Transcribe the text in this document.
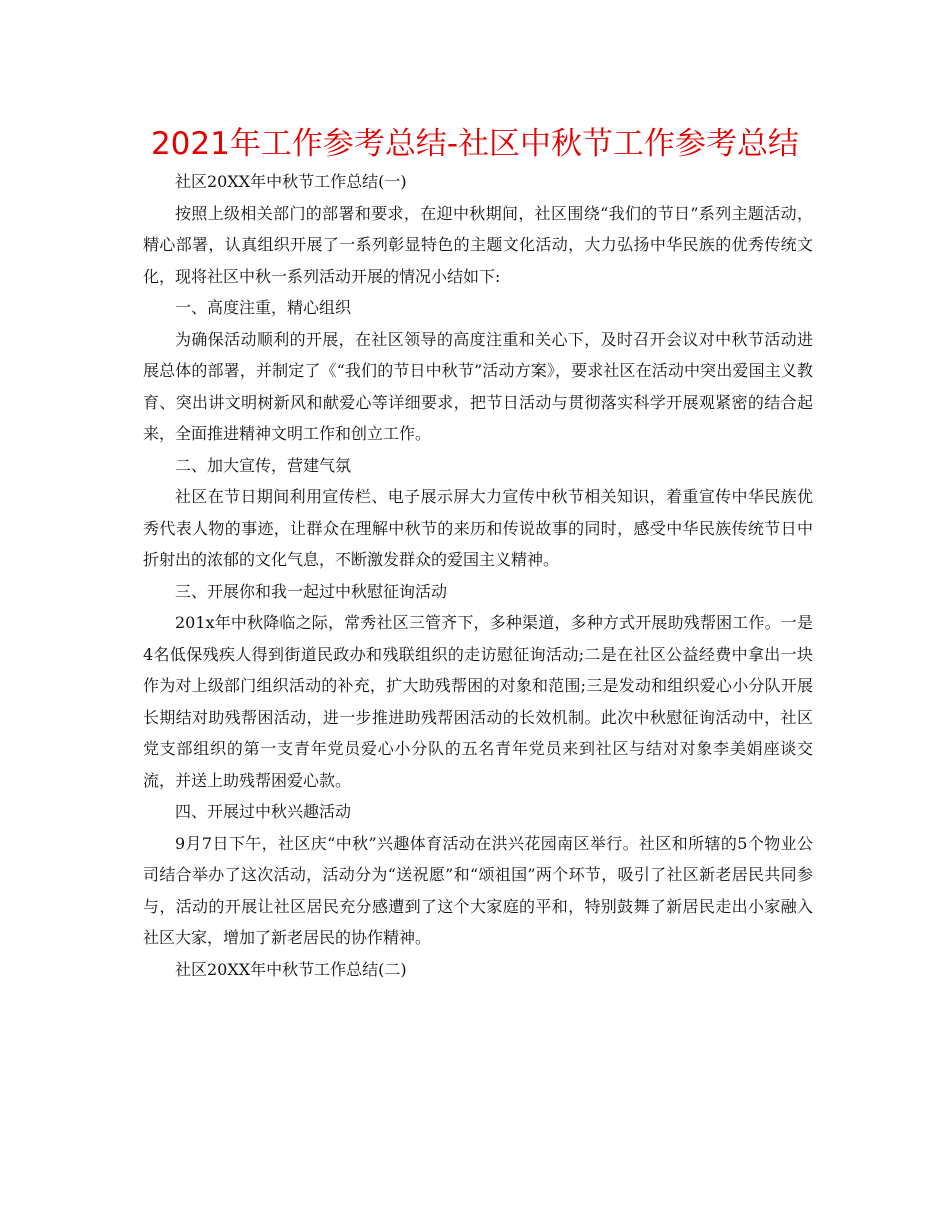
2021年工作参考总结-社区中秋节工作参考总结

社区20XX年中秋节工作总结(一)

按照上级相关部门的部署和要求，在迎中秋期间，社区围绕“我们的节日”系列主题活动，精心部署，认真组织开展了一系列彰显特色的主题文化活动，大力弘扬中华民族的优秀传统文化，现将社区中秋一系列活动开展的情况小结如下:

一、高度注重，精心组织

为确保活动顺利的开展，在社区领导的高度注重和关心下，及时召开会议对中秋节活动进展总体的部署，并制定了《“我们的节日中秋节”活动方案》，要求社区在活动中突出爱国主义教育、突出讲文明树新风和献爱心等详细要求，把节日活动与贯彻落实科学开展观紧密的结合起来，全面推进精神文明工作和创立工作。

二、加大宣传，营建气氛

社区在节日期间利用宣传栏、电子展示屏大力宣传中秋节相关知识，着重宣传中华民族优秀代表人物的事迹，让群众在理解中秋节的来历和传说故事的同时，感受中华民族传统节日中折射出的浓郁的文化气息，不断激发群众的爱国主义精神。

三、开展你和我一起过中秋慰征询活动

201x年中秋降临之际，常秀社区三管齐下，多种渠道，多种方式开展助残帮困工作。一是4名低保残疾人得到街道民政办和残联组织的走访慰征询活动;二是在社区公益经费中拿出一块作为对上级部门组织活动的补充，扩大助残帮困的对象和范围;三是发动和组织爱心小分队开展长期结对助残帮困活动，进一步推进助残帮困活动的长效机制。此次中秋慰征询活动中，社区党支部组织的第一支青年党员爱心小分队的五名青年党员来到社区与结对对象李美娟座谈交流，并送上助残帮困爱心款。

四、开展过中秋兴趣活动

9月7日下午，社区庆“中秋”兴趣体育活动在洪兴花园南区举行。社区和所辖的5个物业公司结合举办了这次活动，活动分为“送祝愿”和“颂祖国”两个环节，吸引了社区新老居民共同参与，活动的开展让社区居民充分感遭到了这个大家庭的平和，特别鼓舞了新居民走出小家融入社区大家，增加了新老居民的协作精神。

社区20XX年中秋节工作总结(二)
